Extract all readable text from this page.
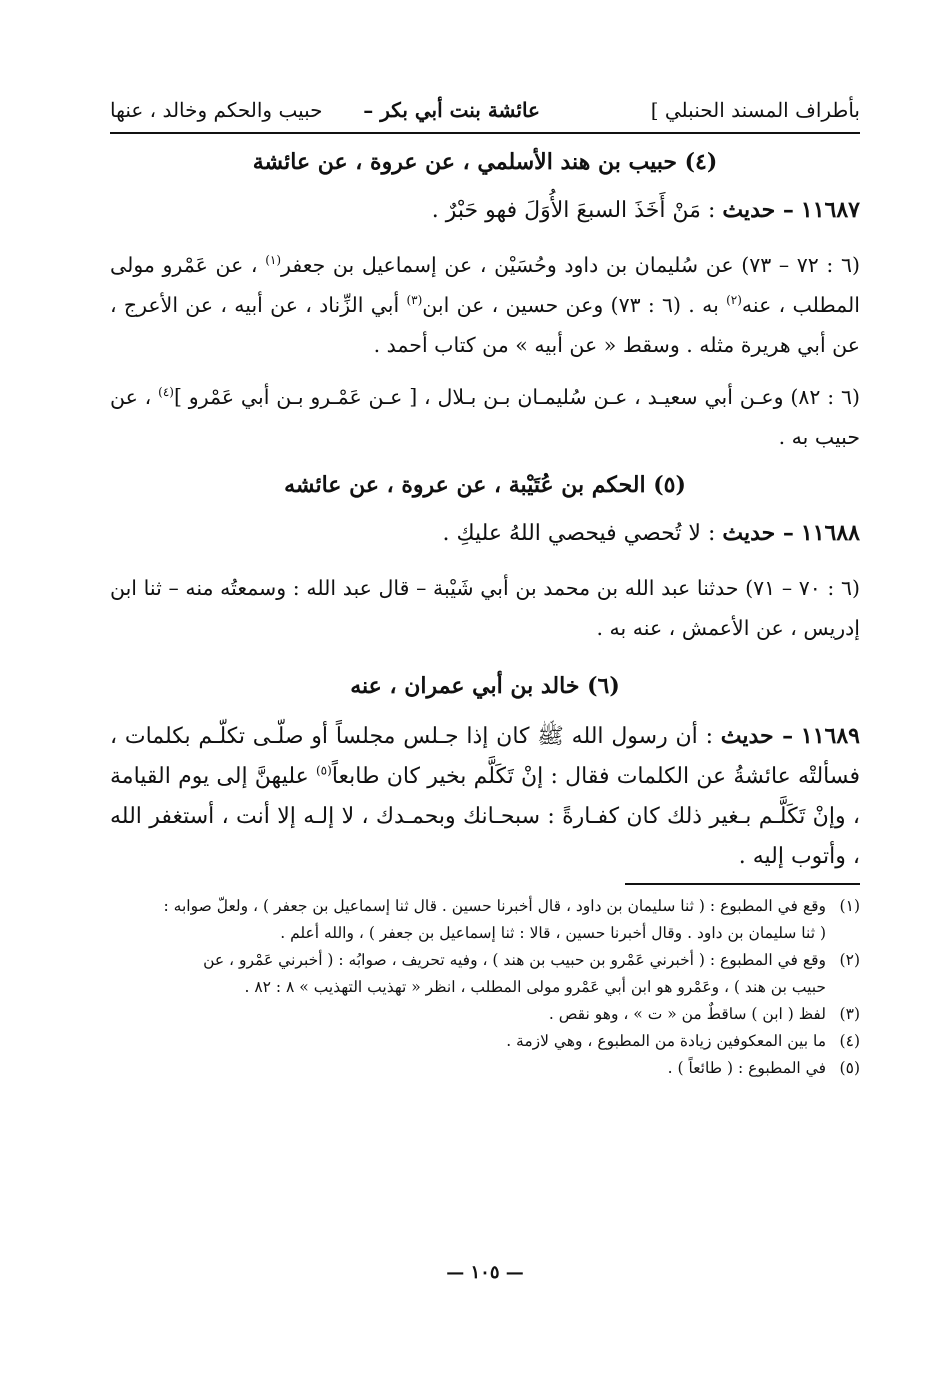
بأطراف المسند الحنبلي ]
عائشة بنت أبي بكر –
حبيب والحكم وخالد ، عنها

(٤) حبيب بن هند الأسلمي ، عن عروة ، عن عائشة

١١٦٨٧ – حديث : مَنْ أَخَذَ السبعَ الأُوَلَ فهو حَبْرٌ .

(٦ : ٧٢ – ٧٣) عن سُليمان بن داود وحُسَيْن ، عن إسماعيل بن جعفر$^{(١)}$ ، عن عَمْرو مولى المطلب ، عنه$^{(٢)}$ به . (٦ : ٧٣) وعن حسين ، عن ابن$^{(٣)}$ أبي الزِّناد ، عن أبيه ، عن الأعرج ، عن أبي هريرة مثله . وسقط « عن أبيه » من كتاب أحمد .

(٦ : ٨٢) وعـن أبي سعيـد ، عـن سُليمـان بـن بـلال ، [ عـن عَمْـرو بـن أبي عَمْرو ]$^{(٤)}$ ، عن حبيب به .

(٥) الحكم بن عُتَيْبة ، عن عروة ، عن عائشه

١١٦٨٨ – حديث : لا تُحصي فيحصي اللهُ عليكِ .

(٦ : ٧٠ – ٧١) حدثنا عبد الله بن محمد بن أبي شَيْبة – قال عبد الله : وسمعتُه منه – ثنا ابن إدريس ، عن الأعمش ، عنه به .

(٦) خالد بن أبي عمران ، عنه

١١٦٨٩ – حديث : أن رسول الله ﷺ كان إذا جـلس مجلساً أو صلّـى تكلّـم بكلمات ، فسألتْه عائشةُ عن الكلمات فقال : إنْ تَكَلَّم بخير كان طابعاً$^{(٥)}$ عليهنَّ إلى يوم القيامة ، وإنْ تَكَلَّـم بـغير ذلك كان كفـارةً : سبحـانك وبحمـدك ، لا إلـه إلا أنت ، أستغفر الله ، وأتوب إليه .

(١)وقع في المطبوع : ( ثنا سليمان بن داود ، قال أخبرنا حسين . قال ثنا إسماعيل بن جعفر ) ، ولعلّ صوابه :
( ثنا سليمان بن داود . وقال أخبرنا حسين ، قالا : ثنا إسماعيل بن جعفر ) ، والله أعلم .
(٢)وقع في المطبوع : ( أخبرني عَمْرو بن حبيب بن هند ) ، وفيه تحريف ، صوابُه : ( أخبرني عَمْرو ، عن
حبيب بن هند ) ، وعَمْرو هو ابن أبي عَمْرو مولى المطلب ، انظر « تهذيب التهذيب » ٨ : ٨٢ .
(٣)لفظ ( ابن ) ساقطٌ من « ت » ، وهو نقص .
(٤)ما بين المعكوفين زيادة من المطبوع ، وهي لازمة .
(٥)في المطبوع : ( طائعاً ) .
— ١٠٥ —
